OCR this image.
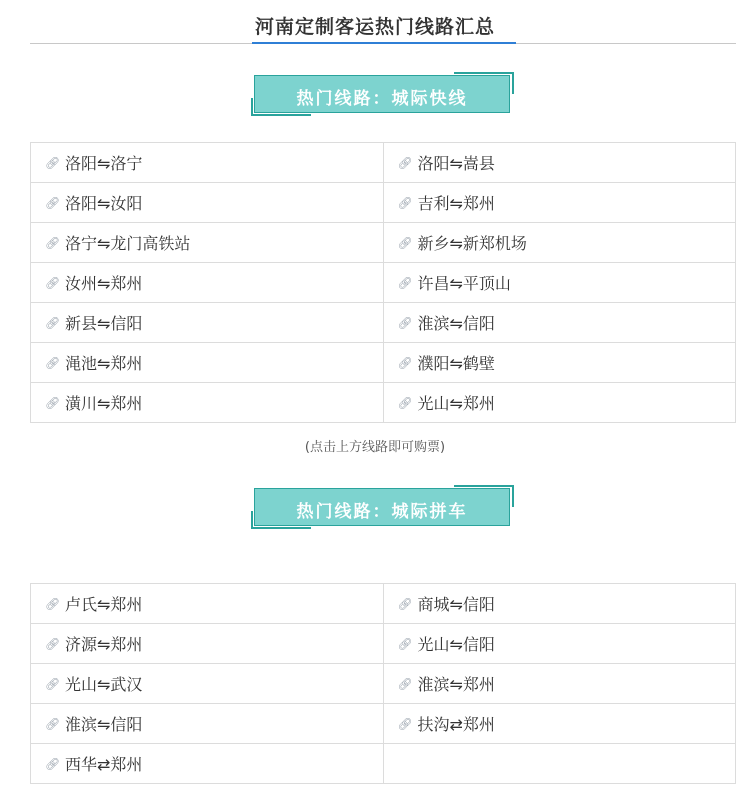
河南定制客运热门线路汇总
热门线路：城际快线
🔗︎ 洛阳⇋洛宁	🔗︎ 洛阳⇋嵩县
🔗︎ 洛阳⇋汝阳	🔗︎ 吉利⇋郑州
🔗︎ 洛宁⇋龙门高铁站	🔗︎ 新乡⇋新郑机场
🔗︎ 汝州⇋郑州	🔗︎ 许昌⇋平顶山
🔗︎ 新县⇋信阳	🔗︎ 淮滨⇋信阳
🔗︎ 渑池⇋郑州	🔗︎ 濮阳⇋鹤壁
🔗︎ 潢川⇋郑州	🔗︎ 光山⇋郑州
(点击上方线路即可购票)
热门线路：城际拼车
🔗︎ 卢氏⇋郑州	🔗︎ 商城⇋信阳
🔗︎ 济源⇋郑州	🔗︎ 光山⇋信阳
🔗︎ 光山⇋武汉	🔗︎ 淮滨⇋郑州
🔗︎ 淮滨⇋信阳	🔗︎ 扶沟⇄郑州
🔗︎ 西华⇄郑州	
